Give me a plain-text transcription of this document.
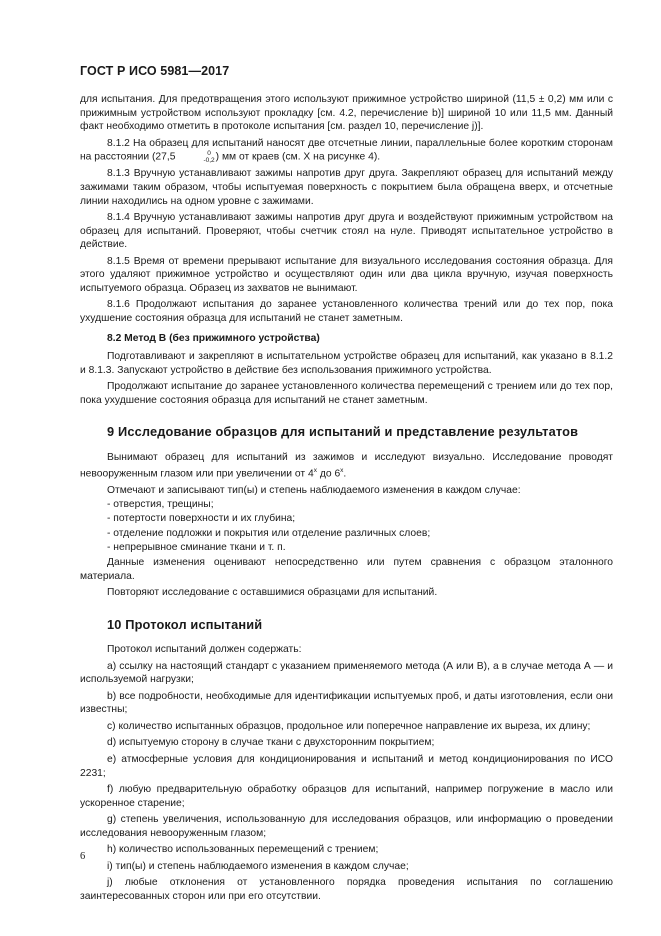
ГОСТ Р ИСО 5981—2017

для испытания. Для предотвращения этого используют прижимное устройство шириной (11,5 ± 0,2) мм или с прижимным устройством используют прокладку [см. 4.2, перечисление b)] шириной 10 или 11,5 мм. Данный факт необходимо отметить в протоколе испытания [см. раздел 10, перечисление j)].

8.1.2 На образец для испытаний наносят две отсчетные линии, параллельные более коротким сторонам на расстоянии (27,5	0
-0,2 ) мм от краев (см. X на рисунке 4).

8.1.3 Вручную устанавливают зажимы напротив друг друга. Закрепляют образец для испытаний между зажимами таким образом, чтобы испытуемая поверхность с покрытием была обращена вверх, и отсчетные линии находились на одном уровне с зажимами.

8.1.4 Вручную устанавливают зажимы напротив друг друга и воздействуют прижимным устройством на образец для испытаний. Проверяют, чтобы счетчик стоял на нуле. Приводят испытательное устройство в действие.

8.1.5 Время от времени прерывают испытание для визуального исследования состояния образца. Для этого удаляют прижимное устройство и осуществляют один или два цикла вручную, изучая поверхность испытуемого образца. Образец из захватов не вынимают.

8.1.6 Продолжают испытания до заранее установленного количества трений или до тех пор, пока ухудшение состояния образца для испытаний не станет заметным.

8.2 Метод В (без прижимного устройства)

Подготавливают и закрепляют в испытательном устройстве образец для испытаний, как указано в 8.1.2 и 8.1.3. Запускают устройство в действие без использования прижимного устройства.

Продолжают испытание до заранее установленного количества перемещений с трением или до тех пор, пока ухудшение состояния образца для испытаний не станет заметным.

9 Исследование образцов для испытаний и представление результатов

Вынимают образец для испытаний из зажимов и исследуют визуально. Исследование проводят невооруженным глазом или при увеличении от 4$^x$ до 6$^x$.

Отмечают и записывают тип(ы) и степень наблюдаемого изменения в каждом случае:

- отверстия, трещины;
- потертости поверхности и их глубина;
- отделение подложки и покрытия или отделение различных слоев;
- непрерывное сминание ткани и т. п.

Данные изменения оценивают непосредственно или путем сравнения с образцом эталонного материала.

Повторяют исследование с оставшимися образцами для испытаний.

10 Протокол испытаний

Протокол испытаний должен содержать:

a) ссылку на настоящий стандарт с указанием применяемого метода (А или В), а в случае метода А — и используемой нагрузки;

b) все подробности, необходимые для идентификации испытуемых проб, и даты изготовления, если они известны;

c) количество испытанных образцов, продольное или поперечное направление их выреза, их длину;

d) испытуемую сторону в случае ткани с двухсторонним покрытием;

e) атмосферные условия для кондиционирования и испытаний и метод кондиционирования по ИСО 2231;

f) любую предварительную обработку образцов для испытаний, например погружение в масло или ускоренное старение;

g) степень увеличения, использованную для исследования образцов, или информацию о проведении исследования невооруженным глазом;

h) количество использованных перемещений с трением;

i) тип(ы) и степень наблюдаемого изменения в каждом случае;

j) любые отклонения от установленного порядка проведения испытания по соглашению заинтересованных сторон или при его отсутствии.

6
